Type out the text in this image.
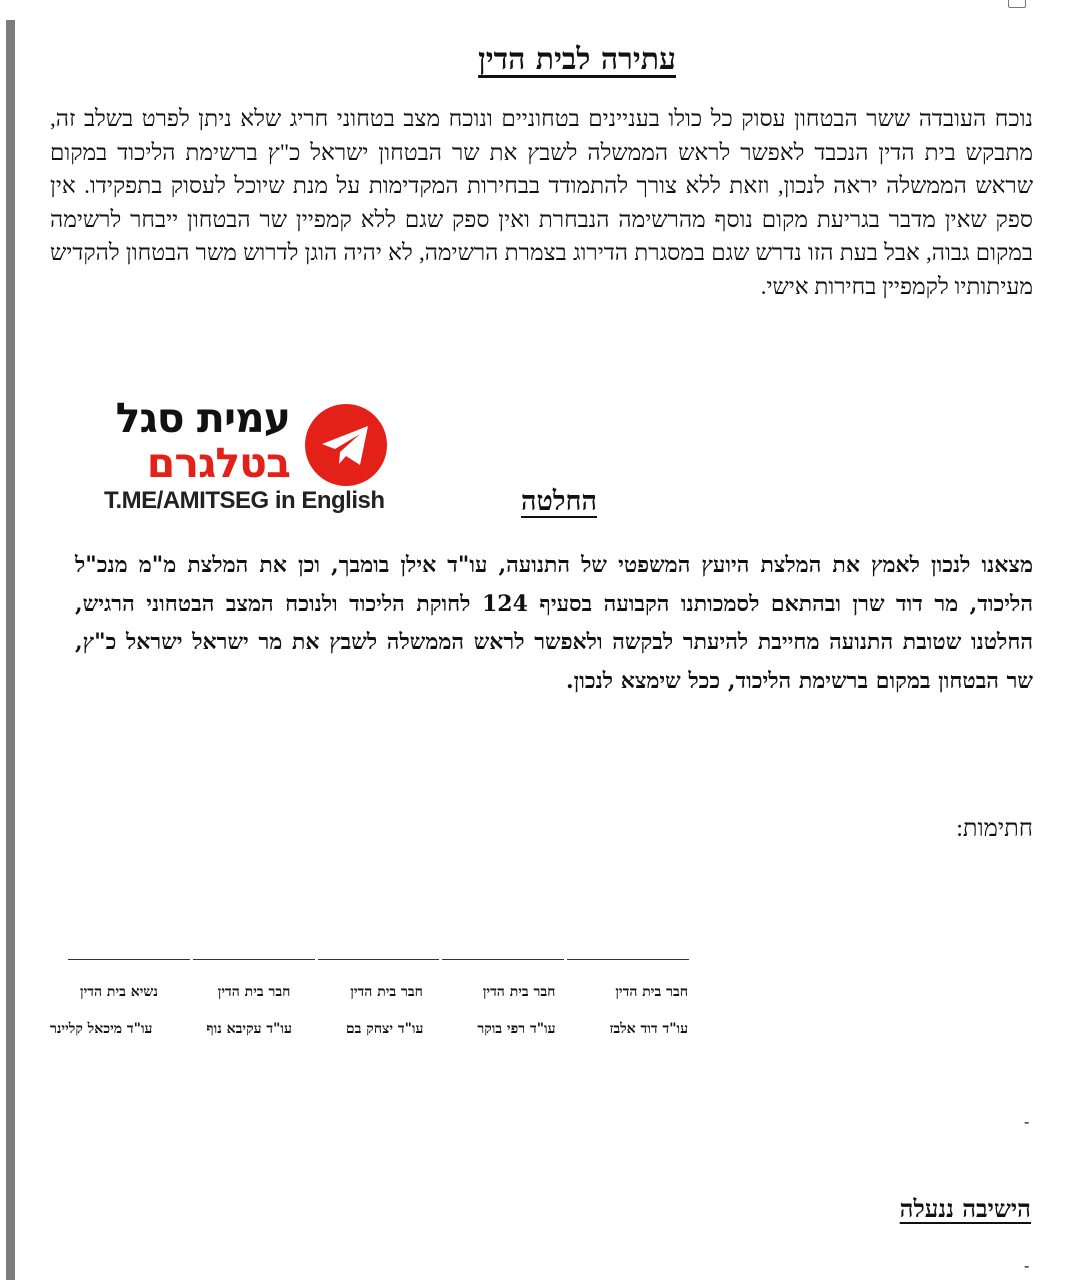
עתירה לבית הדין

נוכח העובדה ששר הבטחון עסוק כל כולו בעניינים בטחוניים ונוכח מצב בטחוני חריג שלא ניתן לפרט בשלב זה, מתבקש בית הדין הנכבד לאפשר לראש הממשלה לשבץ את שר הבטחון ישראל כ"ץ ברשימת הליכוד במקום שראש הממשלה יראה לנכון, וזאת ללא צורך להתמודד בבחירות המקדימות על מנת שיוכל לעסוק בתפקידו. אין ספק שאין מדבר בגריעת מקום נוסף מהרשימה הנבחרת ואין ספק שגם ללא קמפיין שר הבטחון ייבחר לרשימה במקום גבוה, אבל בעת הזו נדרש שגם במסגרת הדירוג בצמרת הרשימה, לא יהיה הוגן לדרוש משר הבטחון להקדיש מעיתותיו לקמפיין בחירות אישי.

עמית סגל
בטלגרם
T.ME/AMITSEG in English	החלטה

מצאנו לנכון לאמץ את המלצת היועץ המשפטי של התנועה, עו"ד אילן בומבך, וכן את המלצת מ"מ מנכ"ל הליכוד, מר דוד שרן ובהתאם לסמכותנו הקבועה בסעיף 124 לחוקת הליכוד ולנוכח המצב הבטחוני הרגיש, החלטנו שטובת התנועה מחייבת להיעתר לבקשה ולאפשר לראש הממשלה לשבץ את מר ישראל ישראל כ"ץ, שר הבטחון במקום ברשימת הליכוד, ככל שימצא לנכון.

חתימות:

חבר בית הדין
חבר בית הדין
חבר בית הדין
חבר בית הדין
נשיא בית הדין
עו"ד דוד אלבז
עו"ד רפי בוקר
עו"ד יצחק בם
עו"ד עקיבא נוף
עו"ד מיכאל קליינר
-

הישיבה ננעלה

-
